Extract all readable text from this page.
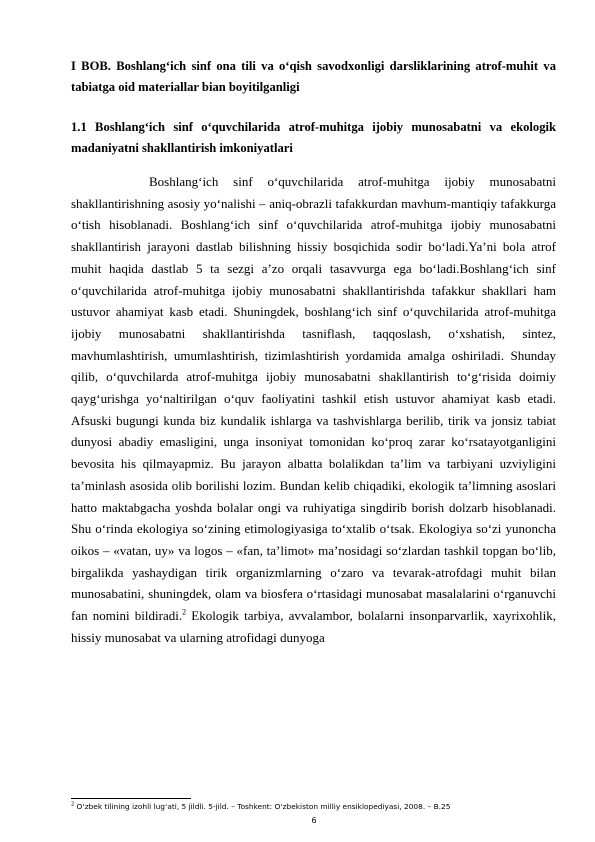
I BOB. Boshlang‘ich sinf ona tili va o‘qish savodxonligi darsliklarining atrof-muhit va tabiatga oid materiallar bian boyitilganligi

1.1 Boshlang‘ich sinf o‘quvchilarida atrof-muhitga ijobiy munosabatni va ekologik madaniyatni shakllantirish imkoniyatlari

Boshlang‘ich sinf o‘quvchilarida atrof-muhitga ijobiy munosabatni shakllantirishning asosiy yo‘nalishi – aniq-obrazli tafakkurdan mavhum-mantiqiy tafakkurga o‘tish hisoblanadi. Boshlang‘ich sinf o‘quvchilarida atrof-muhitga ijobiy munosabatni shakllantirish jarayoni dastlab bilishning hissiy bosqichida sodir bo‘ladi.Ya’ni bola atrof muhit haqida dastlab 5 ta sezgi a’zo orqali tasavvurga ega bo‘ladi.Boshlang‘ich sinf o‘quvchilarida atrof-muhitga ijobiy munosabatni shakllantirishda tafakkur shakllari ham ustuvor ahamiyat kasb etadi. Shuningdek, boshlang‘ich sinf o‘quvchilarida atrof-muhitga ijobiy munosabatni shakllantirishda tasniflash, taqqoslash, o‘xshatish, sintez, mavhumlashtirish, umumlashtirish, tizimlashtirish yordamida amalga oshiriladi. Shunday qilib, o‘quvchilarda atrof-muhitga ijobiy munosabatni shakllantirish to‘g‘risida doimiy qayg‘urishga yo‘naltirilgan o‘quv faoliyatini tashkil etish ustuvor ahamiyat kasb etadi. Afsuski bugungi kunda biz kundalik ishlarga va tashvishlarga berilib, tirik va jonsiz tabiat dunyosi abadiy emasligini, unga insoniyat tomonidan ko‘proq zarar ko‘rsatayotganligini bevosita his qilmayapmiz. Bu jarayon albatta bolalikdan ta’lim va tarbiyani uzviyligini ta’minlash asosida olib borilishi lozim. Bundan kelib chiqadiki, ekologik ta’limning asoslari hatto maktabgacha yoshda bolalar ongi va ruhiyatiga singdirib borish dolzarb hisoblanadi. Shu o‘rinda ekologiya so‘zining etimologiyasiga to‘xtalib o‘tsak. Ekologiya so‘zi yunoncha oikos – «vatan, uy» va logos – «fan, ta’limot» ma’nosidagi so‘zlardan tashkil topgan bo‘lib, birgalikda yashaydigan tirik organizmlarning o‘zaro va tevarak-atrofdagi muhit bilan munosabatini, shuningdek, olam va biosfera o‘rtasidagi munosabat masalalarini o‘rganuvchi fan nomini bildiradi.$^2$ Ekologik tarbiya, avvalambor, bolalarni insonparvarlik, xayrixohlik, hissiy munosabat va ularning atrofidagi dunyoga

$^2$ O‘zbek tilining izohli lug‘ati, 5 jildli. 5-jild. – Toshkent: O‘zbekiston milliy ensiklopediyasi, 2008. – B.25
6
